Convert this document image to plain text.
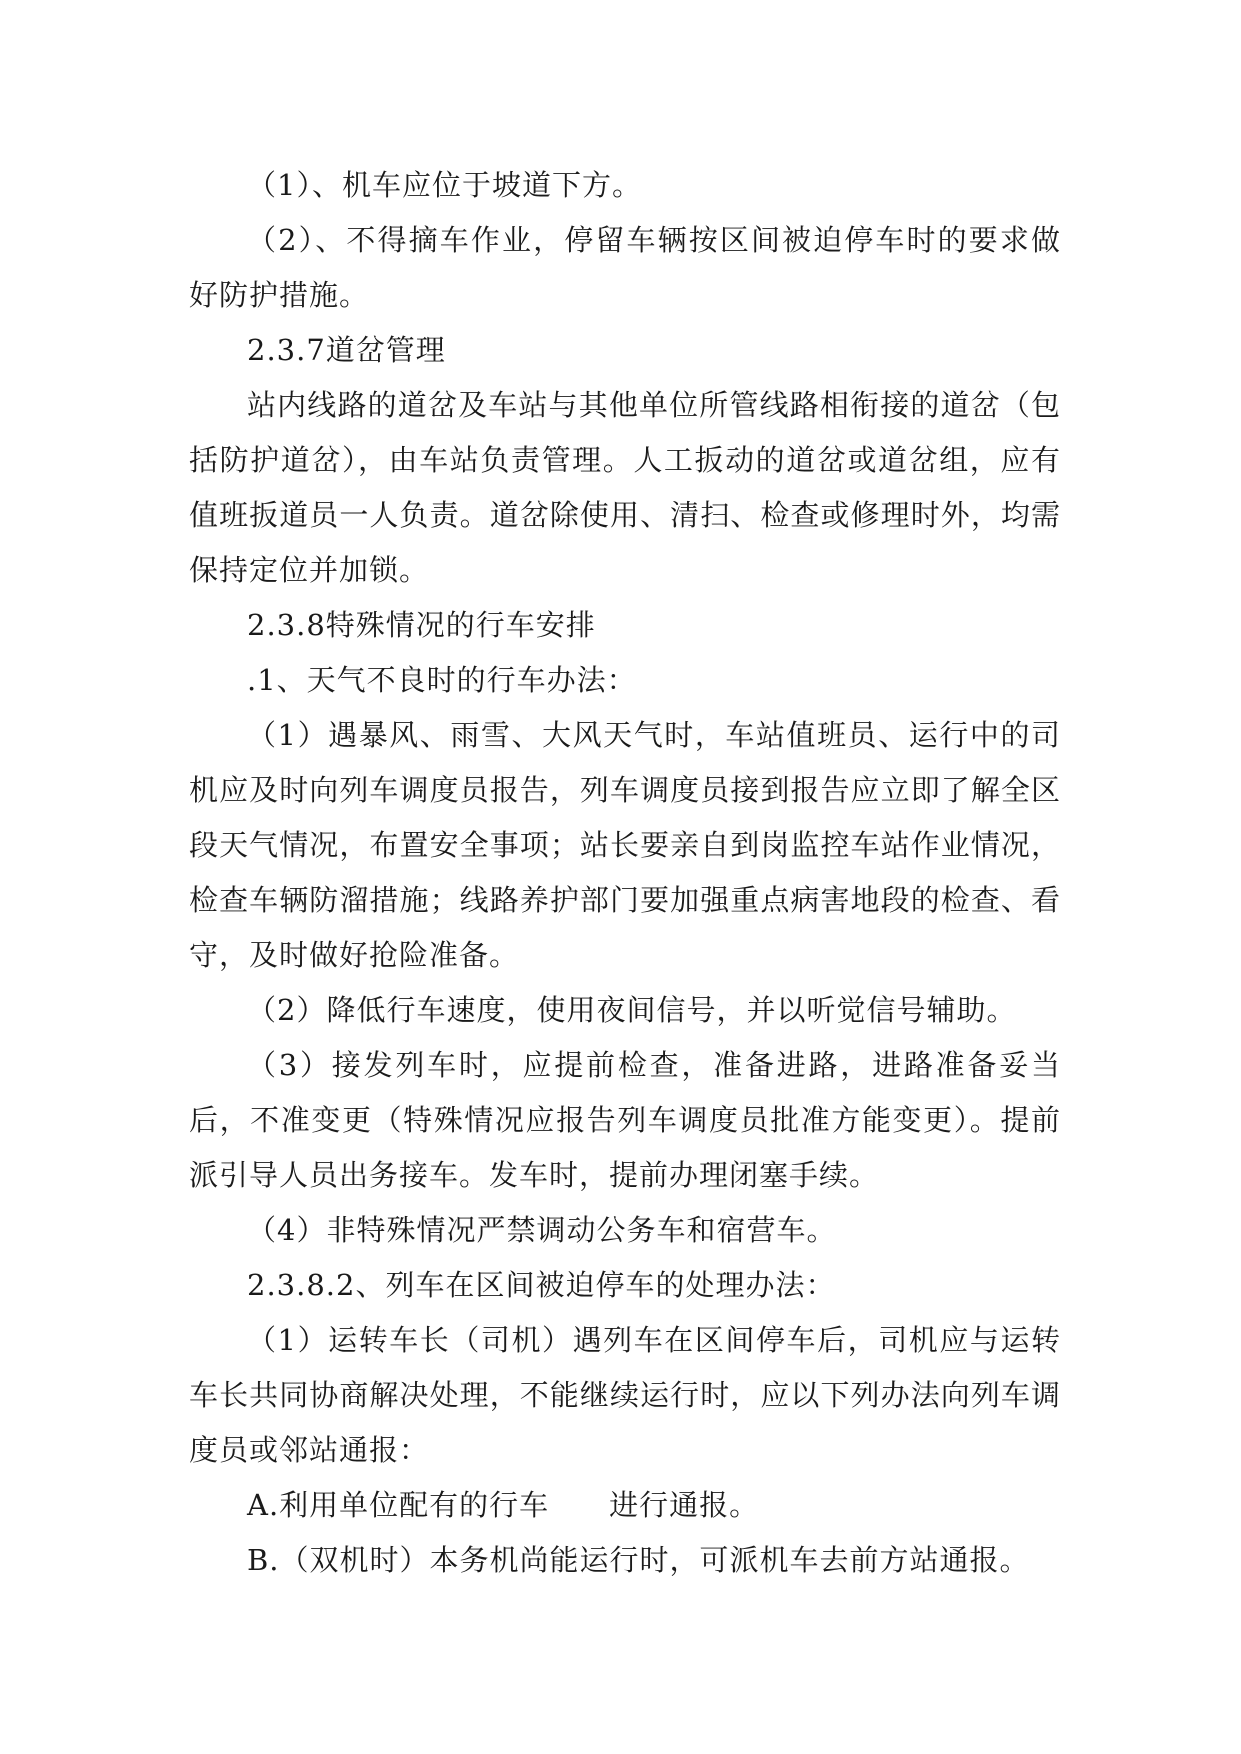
（1）、机车应位于坡道下方。

（2）、不得摘车作业，停留车辆按区间被迫停车时的要求做好防护措施。

2.3.7道岔管理

站内线路的道岔及车站与其他单位所管线路相衔接的道岔（包括防护道岔），由车站负责管理。人工扳动的道岔或道岔组，应有值班扳道员一人负责。道岔除使用、清扫、检查或修理时外，均需保持定位并加锁。

2.3.8特殊情况的行车安排

.1、天气不良时的行车办法：

（1）遇暴风、雨雪、大风天气时，车站值班员、运行中的司机应及时向列车调度员报告，列车调度员接到报告应立即了解全区段天气情况，布置安全事项；站长要亲自到岗监控车站作业情况，检查车辆防溜措施；线路养护部门要加强重点病害地段的检查、看守，及时做好抢险准备。

（2）降低行车速度，使用夜间信号，并以听觉信号辅助。

（3）接发列车时，应提前检查，准备进路，进路准备妥当后，不准变更（特殊情况应报告列车调度员批准方能变更）。提前派引导人员出务接车。发车时，提前办理闭塞手续。

（4）非特殊情况严禁调动公务车和宿营车。

2.3.8.2、列车在区间被迫停车的处理办法：

（1）运转车长（司机）遇列车在区间停车后，司机应与运转车长共同协商解决处理，不能继续运行时，应以下列办法向列车调度员或邻站通报：

A.利用单位配有的行车　　进行通报。

B.（双机时）本务机尚能运行时，可派机车去前方站通报。
